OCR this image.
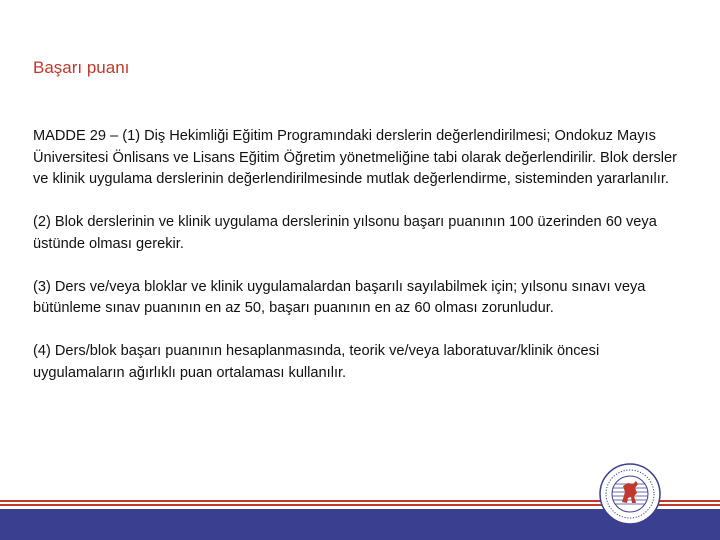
Başarı puanı

MADDE 29 – (1) Diş Hekimliği Eğitim Programındaki derslerin değerlendirilmesi; Ondokuz Mayıs Üniversitesi Önlisans ve Lisans Eğitim Öğretim yönetmeliğine tabi olarak değerlendirilir. Blok dersler ve klinik uygulama derslerinin değerlendirilmesinde mutlak değerlendirme, sisteminden yararlanılır.

(2) Blok derslerinin ve klinik uygulama derslerinin yılsonu başarı puanının 100 üzerinden 60 veya üstünde olması gerekir.

(3) Ders ve/veya bloklar ve klinik uygulamalardan başarılı sayılabilmek için; yılsonu sınavı veya bütünleme sınav puanının en az 50, başarı puanının en az 60 olması zorunludur.

(4) Ders/blok başarı puanının hesaplanmasında, teorik ve/veya laboratuvar/klinik öncesi uygulamaların ağırlıklı puan ortalaması kullanılır.
